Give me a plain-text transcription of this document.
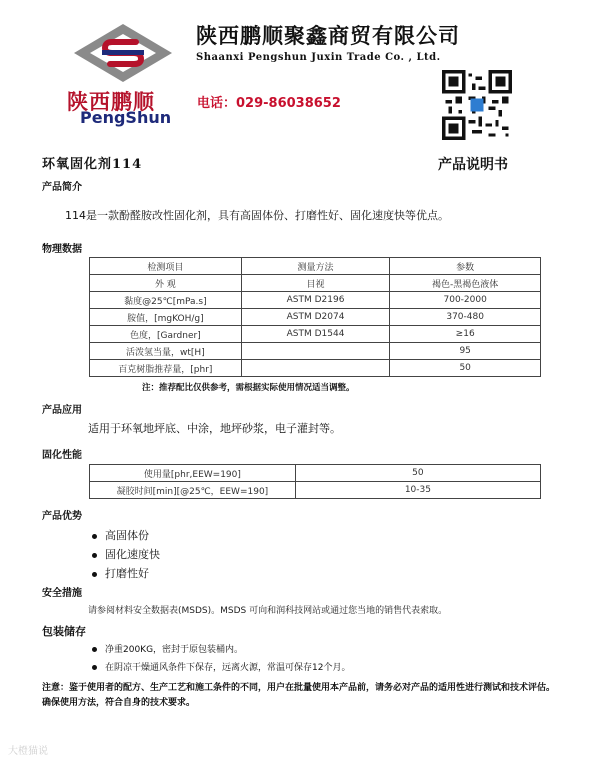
陕西鹏顺
PengShun
陕西鹏顺聚鑫商贸有限公司
Shaanxi Pengshun Juxin Trade Co. , Ltd.
电话：029-86038652
产品说明书
环氧固化剂114
产品简介
114是一款酚醛胺改性固化剂，具有高固体份、打磨性好、固化速度快等优点。
物理数据
检测项目	测量方法	参数
外 观	目视	褐色-黑褐色液体
黏度@25℃[mPa.s]	ASTM D2196	700-2000
胺值，[mgKOH/g]	ASTM D2074	370-480
色度，[Gardner]	ASTM D1544	≥16
活泼氢当量，wt[H]		95
百克树脂推荐量，[phr]		50
注：推荐配比仅供参考，需根据实际使用情况适当调整。
产品应用
适用于环氧地坪底、中涂，地坪砂浆，电子灌封等。
固化性能
使用量[phr,EEW=190]	50
凝胶时间[min][@25℃，EEW=190]	10-35
产品优势
高固体份
固化速度快
打磨性好
安全措施
请参阅材料安全数据表(MSDS)。MSDS 可向和润科技网站或通过您当地的销售代表索取。
包装储存
净重200KG，密封于原包装桶内。
在阴凉干燥通风条件下保存，远离火源，常温可保存12个月。
注意：鉴于使用者的配方、生产工艺和施工条件的不同，用户在批量使用本产品前，请务必对产品的适用性进行测试和技术评估。确保使用方法，符合自身的技术要求。
大橙猫说
